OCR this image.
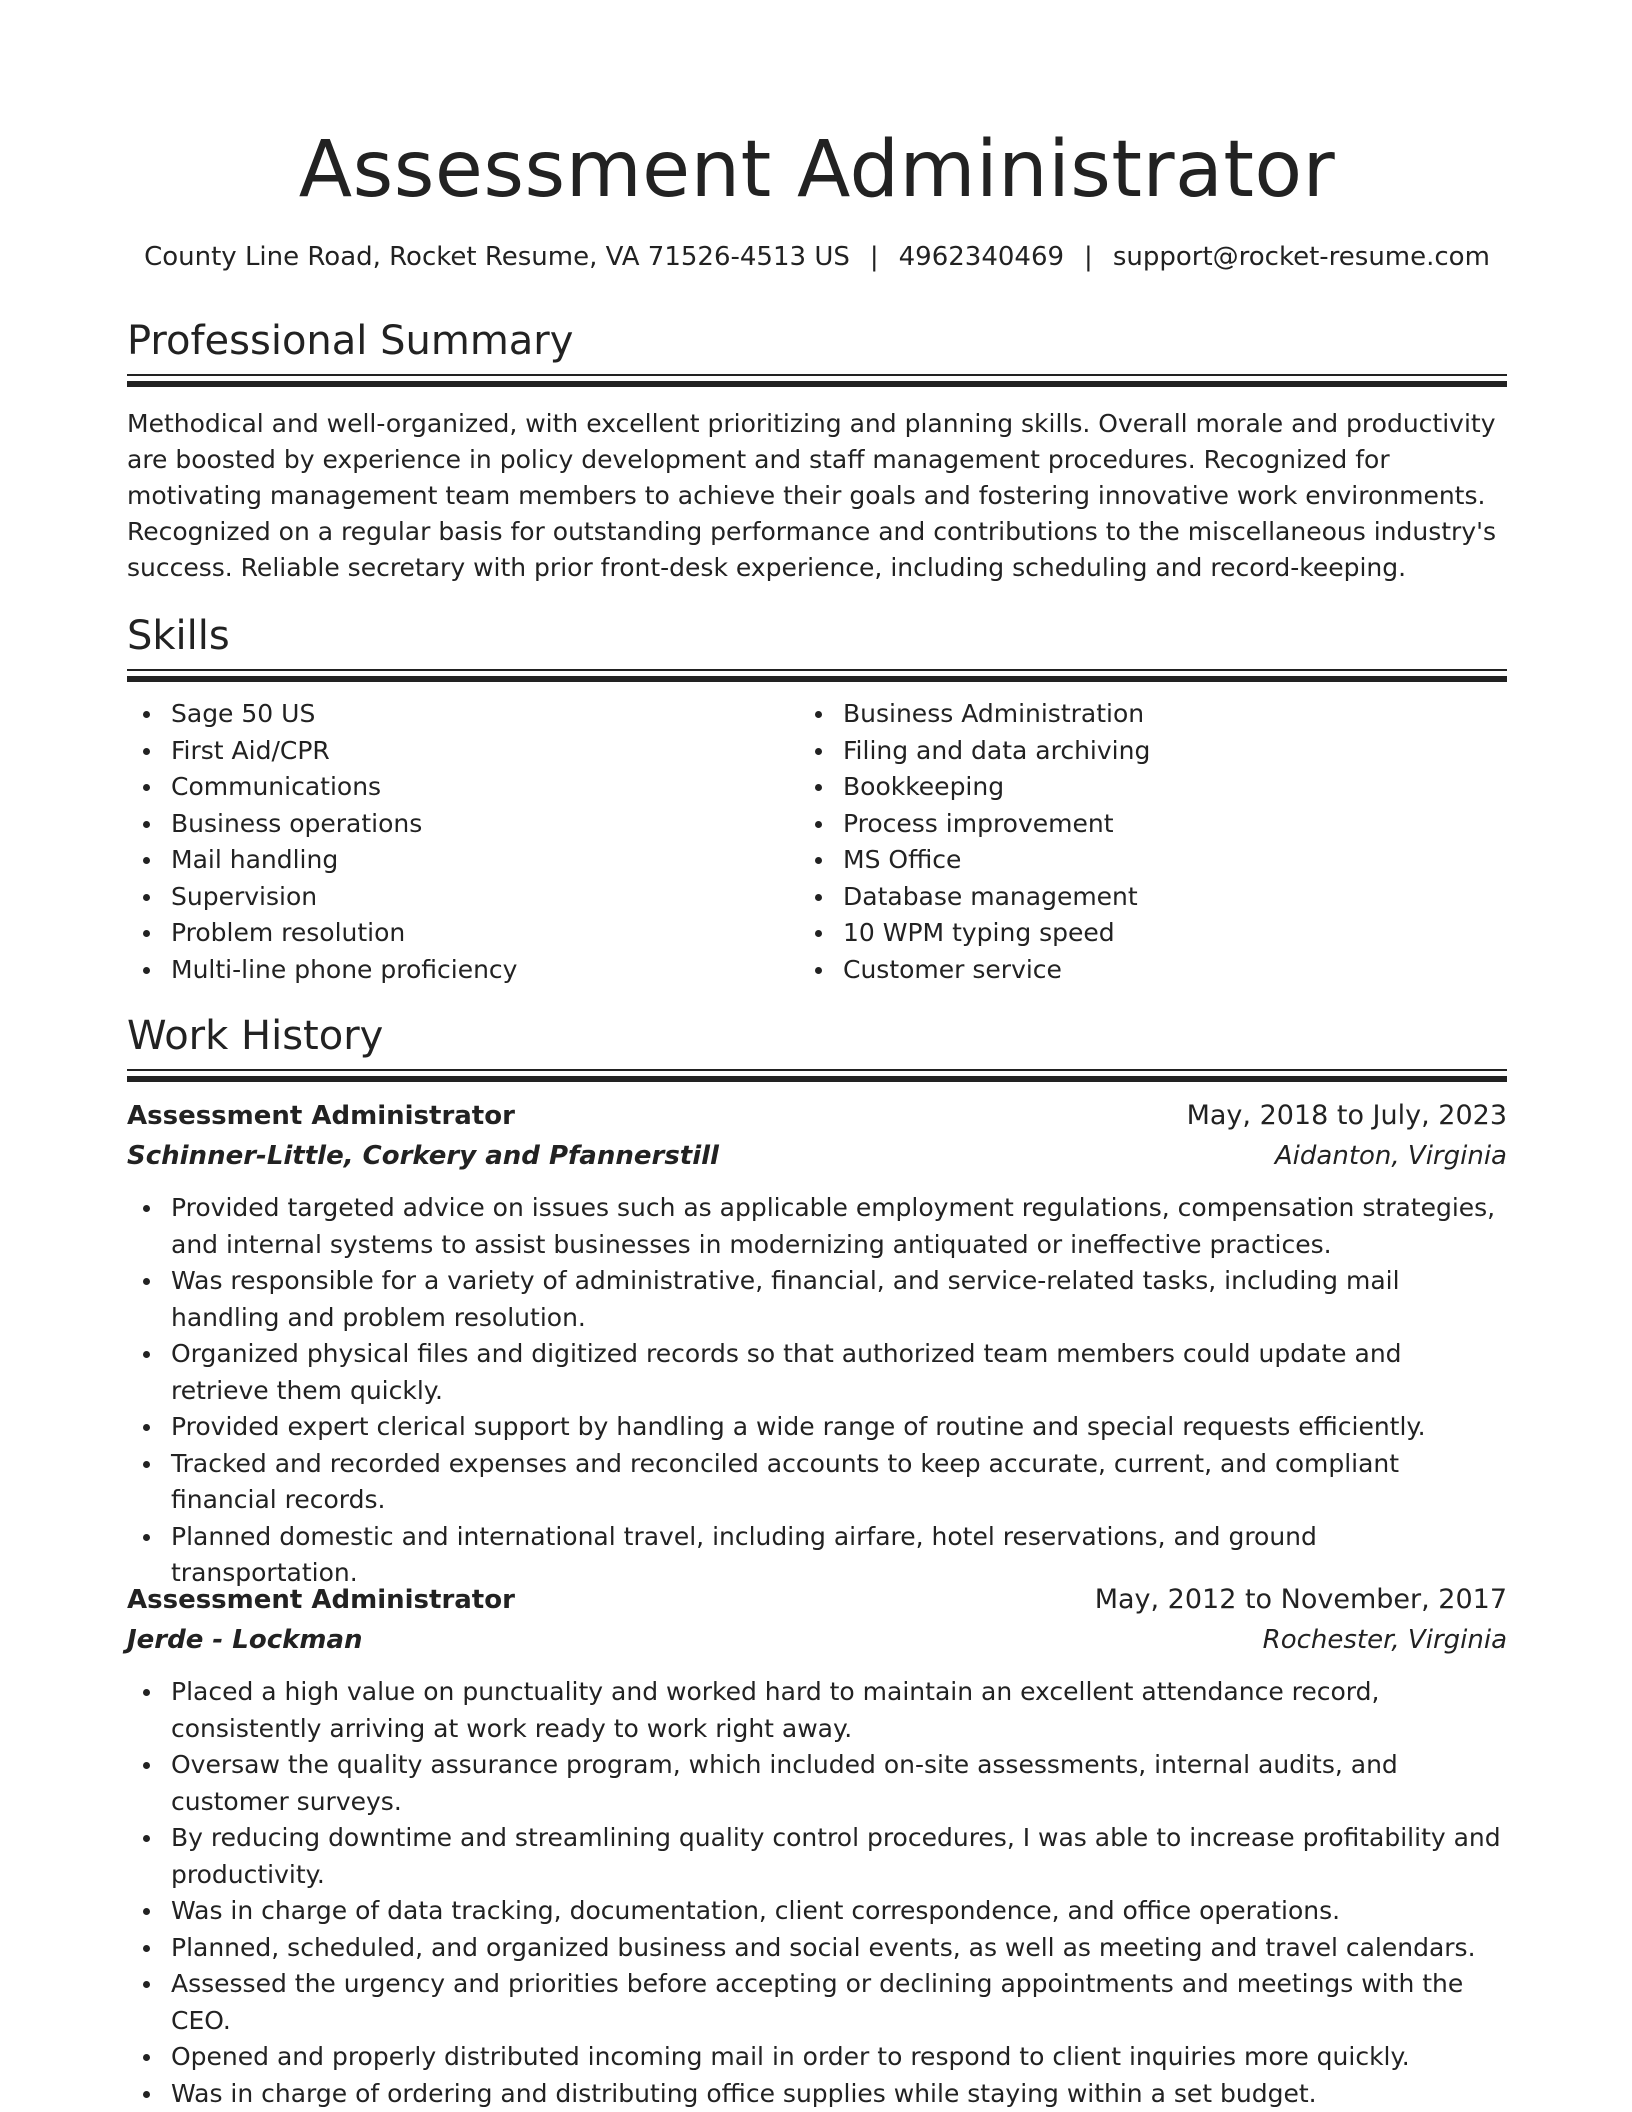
Assessment Administrator
County Line Road, Rocket Resume, VA 71526-4513 US | 4962340469 | support@rocket-resume.com
Professional Summary

Methodical and well-organized, with excellent prioritizing and planning skills. Overall morale and productivity are boosted by experience in policy development and staff management procedures. Recognized for motivating management team members to achieve their goals and fostering innovative work environments. Recognized on a regular basis for outstanding performance and contributions to the miscellaneous industry's success. Reliable secretary with prior front-desk experience, including scheduling and record-keeping.

Skills
Sage 50 US
First Aid/CPR
Communications
Business operations
Mail handling
Supervision
Problem resolution
Multi-line phone proficiency
Business Administration
Filing and data archiving
Bookkeeping
Process improvement
MS Office
Database management
10 WPM typing speed
Customer service
Work History
Assessment Administrator	May, 2018 to July, 2023
Schinner-Little, Corkery and Pfannerstill	Aidanton, Virginia
Provided targeted advice on issues such as applicable employment regulations, compensation strategies, and internal systems to assist businesses in modernizing antiquated or ineffective practices.
Was responsible for a variety of administrative, financial, and service-related tasks, including mail handling and problem resolution.
Organized physical files and digitized records so that authorized team members could update and retrieve them quickly.
Provided expert clerical support by handling a wide range of routine and special requests efficiently.
Tracked and recorded expenses and reconciled accounts to keep accurate, current, and compliant financial records.
Planned domestic and international travel, including airfare, hotel reservations, and ground transportation.
Assessment Administrator	May, 2012 to November, 2017
Jerde - Lockman	Rochester, Virginia
Placed a high value on punctuality and worked hard to maintain an excellent attendance record, consistently arriving at work ready to work right away.
Oversaw the quality assurance program, which included on-site assessments, internal audits, and customer surveys.
By reducing downtime and streamlining quality control procedures, I was able to increase profitability and productivity.
Was in charge of data tracking, documentation, client correspondence, and office operations.
Planned, scheduled, and organized business and social events, as well as meeting and travel calendars.
Assessed the urgency and priorities before accepting or declining appointments and meetings with the CEO.
Opened and properly distributed incoming mail in order to respond to client inquiries more quickly.
Was in charge of ordering and distributing office supplies while staying within a set budget.
